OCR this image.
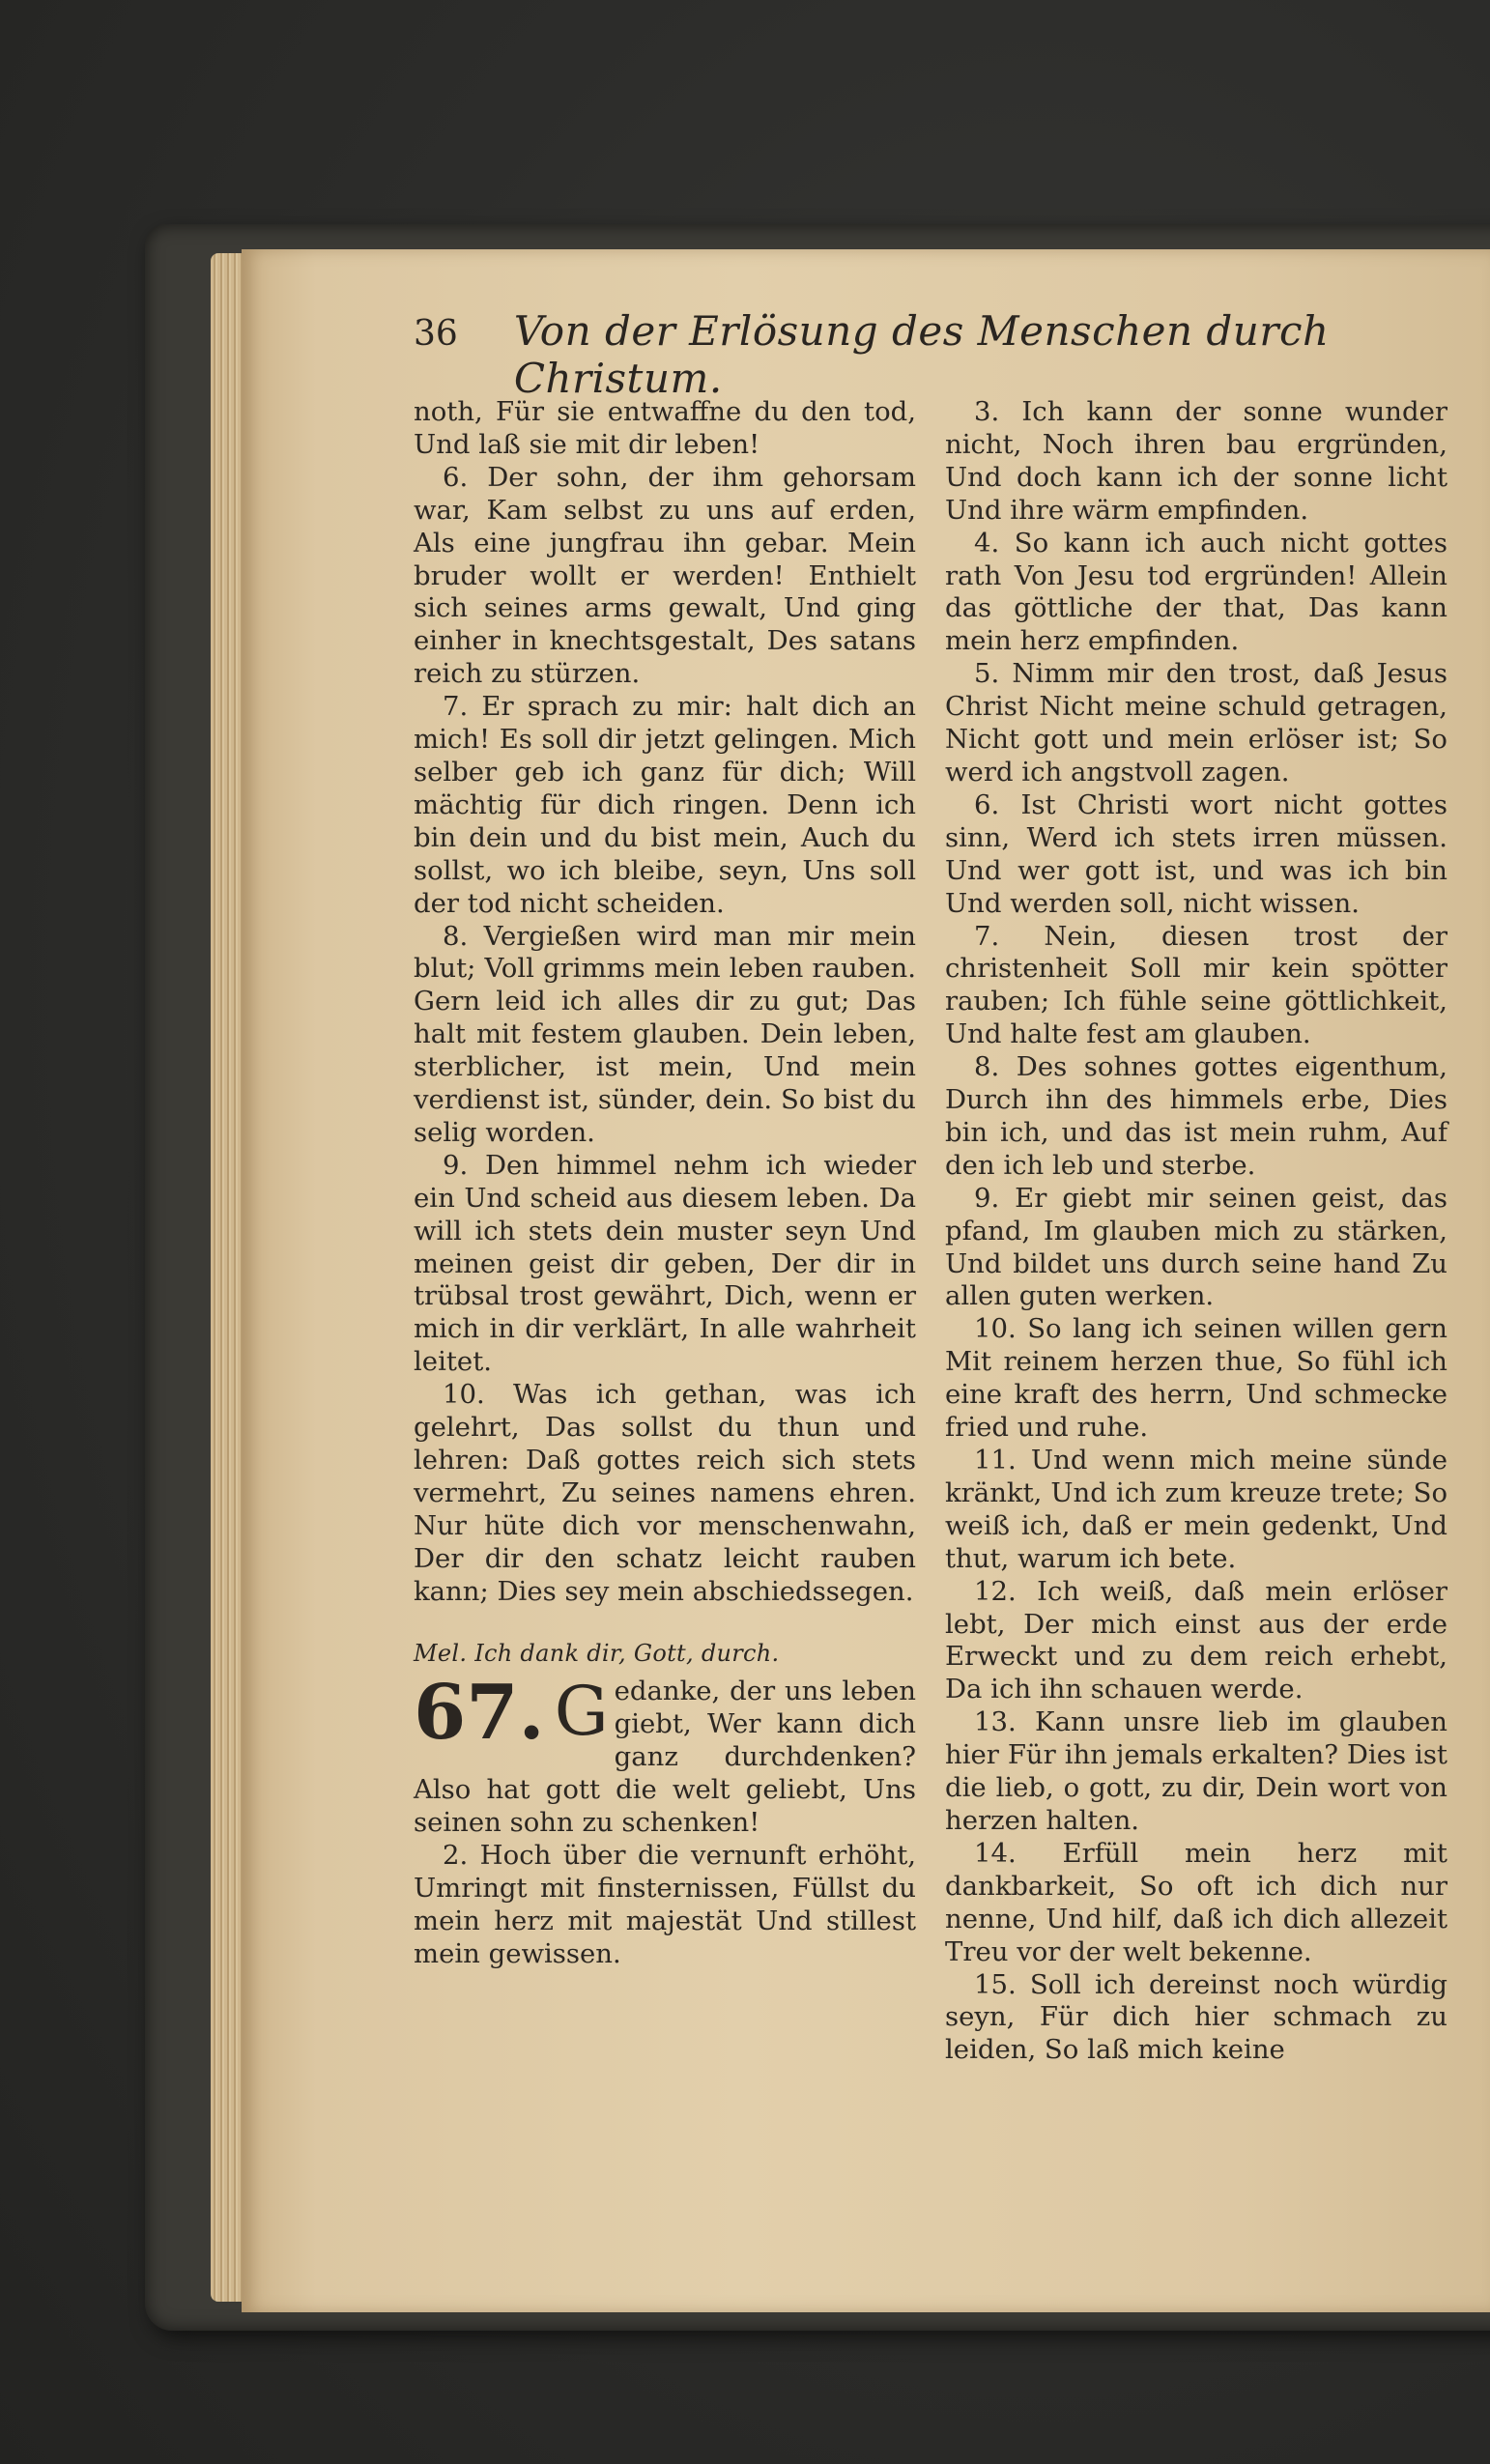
36 Von der Erlösung des Menschen durch Christum.

noth, Für sie entwaffne du den tod, Und laß sie mit dir leben!

6. Der sohn, der ihm gehorsam war, Kam selbst zu uns auf erden, Als eine jungfrau ihn gebar. Mein bruder wollt er werden! Enthielt sich seines arms gewalt, Und ging einher in knechtsgestalt, Des satans reich zu stürzen.

7. Er sprach zu mir: halt dich an mich! Es soll dir jetzt gelingen. Mich selber geb ich ganz für dich; Will mächtig für dich ringen. Denn ich bin dein und du bist mein, Auch du sollst, wo ich bleibe, seyn, Uns soll der tod nicht scheiden.

8. Vergießen wird man mir mein blut; Voll grimms mein leben rauben. Gern leid ich alles dir zu gut; Das halt mit festem glauben. Dein leben, sterblicher, ist mein, Und mein verdienst ist, sünder, dein. So bist du selig worden.

9. Den himmel nehm ich wieder ein Und scheid aus diesem leben. Da will ich stets dein muster seyn Und meinen geist dir geben, Der dir in trübsal trost gewährt, Dich, wenn er mich in dir verklärt, In alle wahrheit leitet.

10. Was ich gethan, was ich gelehrt, Das sollst du thun und lehren: Daß gottes reich sich stets vermehrt, Zu seines namens ehren. Nur hüte dich vor menschenwahn, Der dir den schatz leicht rauben kann; Dies sey mein abschiedssegen.

Mel. Ich dank dir, Gott, durch.
67. G edanke, der uns leben giebt, Wer kann dich ganz durchdenken? Also hat gott die welt geliebt, Uns seinen sohn zu schenken!

2. Hoch über die vernunft erhöht, Umringt mit finsternissen, Füllst du mein herz mit majestät Und stillest mein gewissen.

3. Ich kann der sonne wunder nicht, Noch ihren bau ergründen, Und doch kann ich der sonne licht Und ihre wärm empfinden.

4. So kann ich auch nicht gottes rath Von Jesu tod ergründen! Allein das göttliche der that, Das kann mein herz empfinden.

5. Nimm mir den trost, daß Jesus Christ Nicht meine schuld getragen, Nicht gott und mein erlöser ist; So werd ich angstvoll zagen.

6. Ist Christi wort nicht gottes sinn, Werd ich stets irren müssen. Und wer gott ist, und was ich bin Und werden soll, nicht wissen.

7. Nein, diesen trost der christenheit Soll mir kein spötter rauben; Ich fühle seine göttlichkeit, Und halte fest am glauben.

8. Des sohnes gottes eigenthum, Durch ihn des himmels erbe, Dies bin ich, und das ist mein ruhm, Auf den ich leb und sterbe.

9. Er giebt mir seinen geist, das pfand, Im glauben mich zu stärken, Und bildet uns durch seine hand Zu allen guten werken.

10. So lang ich seinen willen gern Mit reinem herzen thue, So fühl ich eine kraft des herrn, Und schmecke fried und ruhe.

11. Und wenn mich meine sünde kränkt, Und ich zum kreuze trete; So weiß ich, daß er mein gedenkt, Und thut, warum ich bete.

12. Ich weiß, daß mein erlöser lebt, Der mich einst aus der erde Erweckt und zu dem reich erhebt, Da ich ihn schauen werde.

13. Kann unsre lieb im glauben hier Für ihn jemals erkalten? Dies ist die lieb, o gott, zu dir, Dein wort von herzen halten.

14. Erfüll mein herz mit dankbarkeit, So oft ich dich nur nenne, Und hilf, daß ich dich allezeit Treu vor der welt bekenne.

15. Soll ich dereinst noch würdig seyn, Für dich hier schmach zu leiden, So laß mich keine
